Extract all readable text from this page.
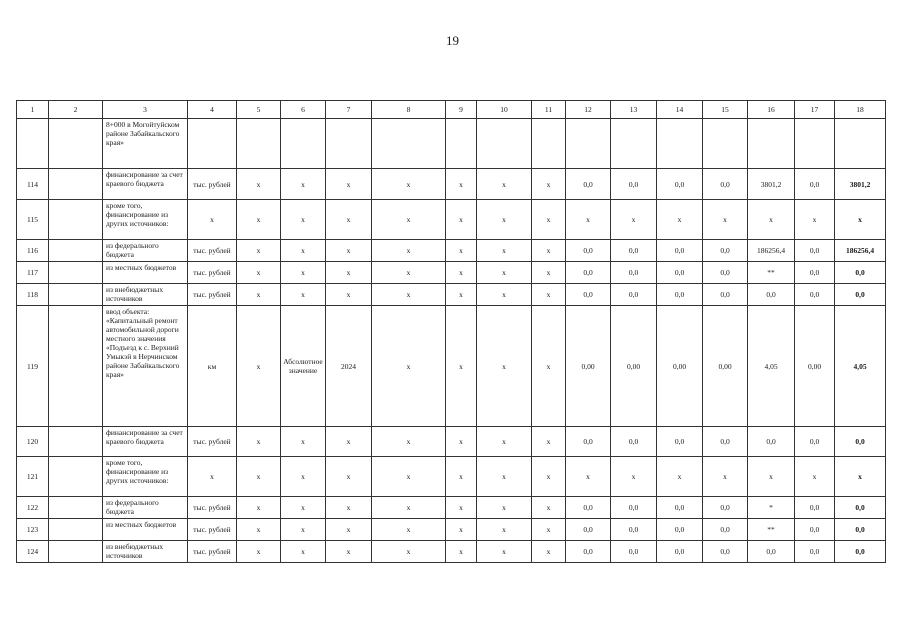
19
1	2	3	4	5	6	7	8	9	10	11	12	13	14	15	16	17	18
		8+000 в Могойтуйском районе Забайкальского края»															
114		финансирование за счет краевого бюджета	тыс. рублей	x	x	x	x	x	x	x	0,0	0,0	0,0	0,0	3801,2	0,0	3801,2
115		кроме того, финансирование из других источников:	x	x	x	x	x	x	x	x	x	x	x	x	x	x	x
116		из федерального бюджета	тыс. рублей	x	x	x	x	x	x	x	0,0	0,0	0,0	0,0	186256,4	0,0	186256,4
117		из местных бюджетов	тыс. рублей	x	x	x	x	x	x	x	0,0	0,0	0,0	0,0	**	0,0	0,0
118		из внебюджетных источников	тыс. рублей	x	x	x	x	x	x	x	0,0	0,0	0,0	0,0	0,0	0,0	0,0
119		ввод объекта: «Капитальный ремонт автомобильной дороги местного значения «Подъезд к с. Верхний Умыкэй в Нерчинском районе Забайкальского края»	км	x	Абсолютное значение	2024	x	x	x	x	0,00	0,00	0,00	0,00	4,05	0,00	4,05
120		финансирование за счет краевого бюджета	тыс. рублей	x	x	x	x	x	x	x	0,0	0,0	0,0	0,0	0,0	0,0	0,0
121		кроме того, финансирование из других источников:	x	x	x	x	x	x	x	x	x	x	x	x	x	x	x
122		из федерального бюджета	тыс. рублей	x	x	x	x	x	x	x	0,0	0,0	0,0	0,0	*	0,0	0,0
123		из местных бюджетов	тыс. рублей	x	x	x	x	x	x	x	0,0	0,0	0,0	0,0	**	0,0	0,0
124		из внебюджетных источников	тыс. рублей	x	x	x	x	x	x	x	0,0	0,0	0,0	0,0	0,0	0,0	0,0
